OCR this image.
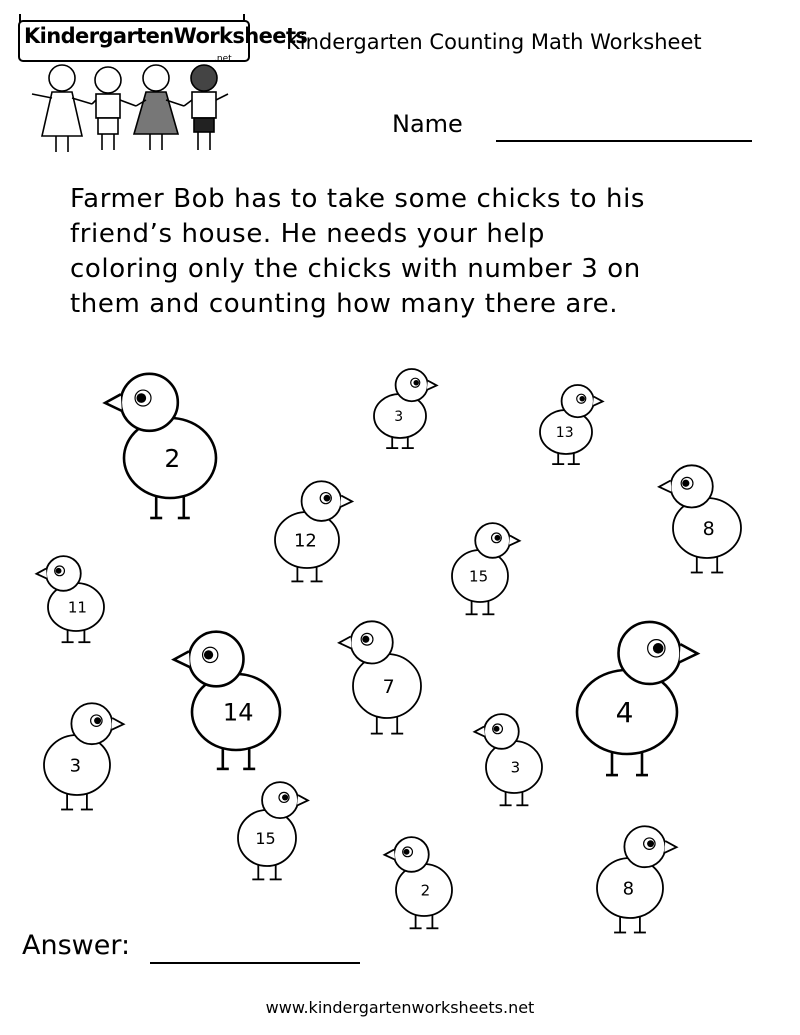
KindergartenWorksheets
.net
Kindergarten Counting Math Worksheet
Name
Farmer Bob has to take some chicks to his
friend’s house. He needs your help
coloring only the chicks with number 3 on
them and counting how many there are.
2
3
13
8
12
15
11
14
7
4
3	3
15
2	8
Answer:
www.kindergartenworksheets.net
